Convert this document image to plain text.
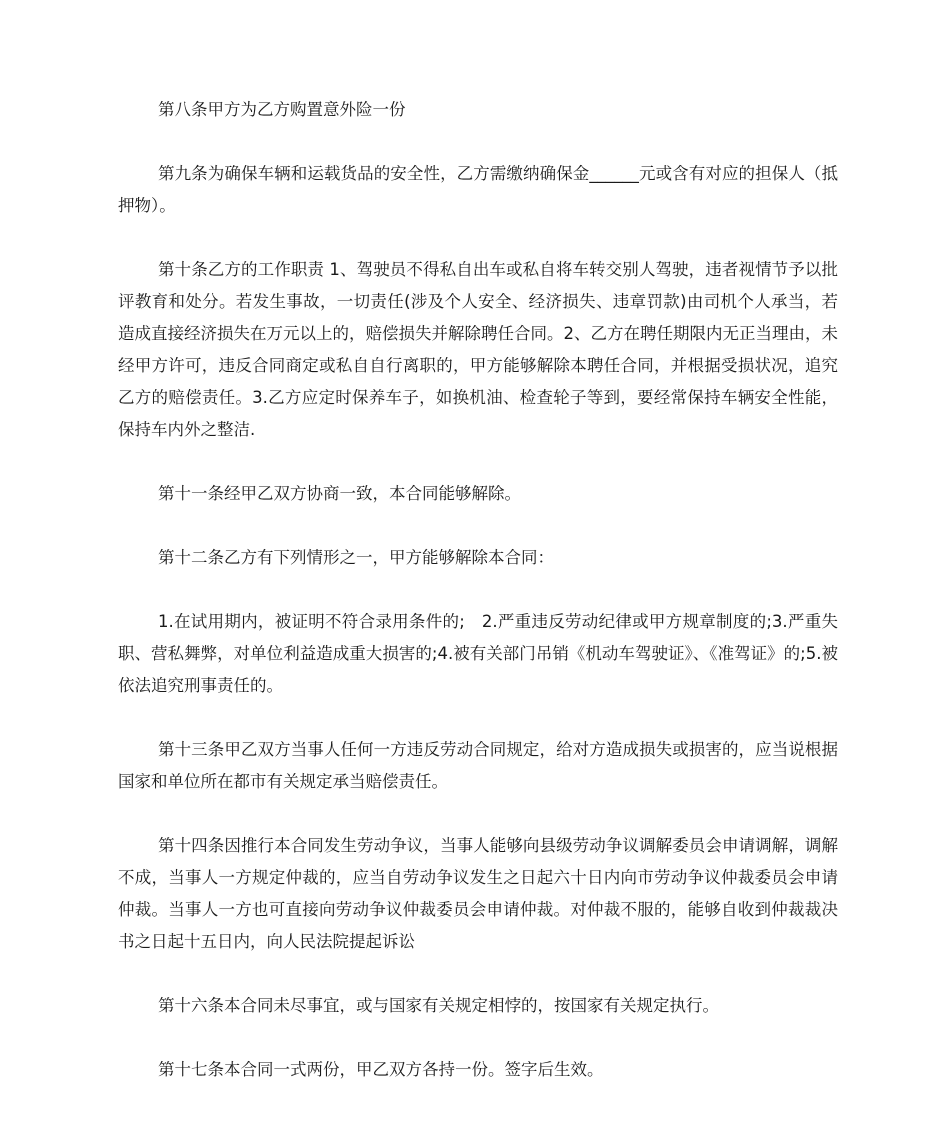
第八条甲方为乙方购置意外险一份

第九条为确保车辆和运载货品的安全性，乙方需缴纳确保金______元或含有对应的担保人（抵押物）。

第十条乙方的工作职责 1、驾驶员不得私自出车或私自将车转交别人驾驶，违者视情节予以批评教育和处分。若发生事故，一切责任(涉及个人安全、经济损失、违章罚款)由司机个人承当，若造成直接经济损失在万元以上的，赔偿损失并解除聘任合同。2、乙方在聘任期限内无正当理由，未经甲方许可，违反合同商定或私自自行离职的，甲方能够解除本聘任合同，并根据受损状况，追究乙方的赔偿责任。3.乙方应定时保养车子，如换机油、检查轮子等到，要经常保持车辆安全性能，保持车内外之整洁.

第十一条经甲乙双方协商一致，本合同能够解除。

第十二条乙方有下列情形之一，甲方能够解除本合同：

1.在试用期内，被证明不符合录用条件的;　2.严重违反劳动纪律或甲方规章制度的;3.严重失职、营私舞弊，对单位利益造成重大损害的;4.被有关部门吊销《机动车驾驶证》、《准驾证》的;5.被依法追究刑事责任的。

第十三条甲乙双方当事人任何一方违反劳动合同规定，给对方造成损失或损害的，应当说根据国家和单位所在都市有关规定承当赔偿责任。

第十四条因推行本合同发生劳动争议，当事人能够向县级劳动争议调解委员会申请调解，调解不成，当事人一方规定仲裁的，应当自劳动争议发生之日起六十日内向市劳动争议仲裁委员会申请仲裁。当事人一方也可直接向劳动争议仲裁委员会申请仲裁。对仲裁不服的，能够自收到仲裁裁决书之日起十五日内，向人民法院提起诉讼

第十六条本合同未尽事宜，或与国家有关规定相悖的，按国家有关规定执行。

第十七条本合同一式两份，甲乙双方各持一份。签字后生效。
